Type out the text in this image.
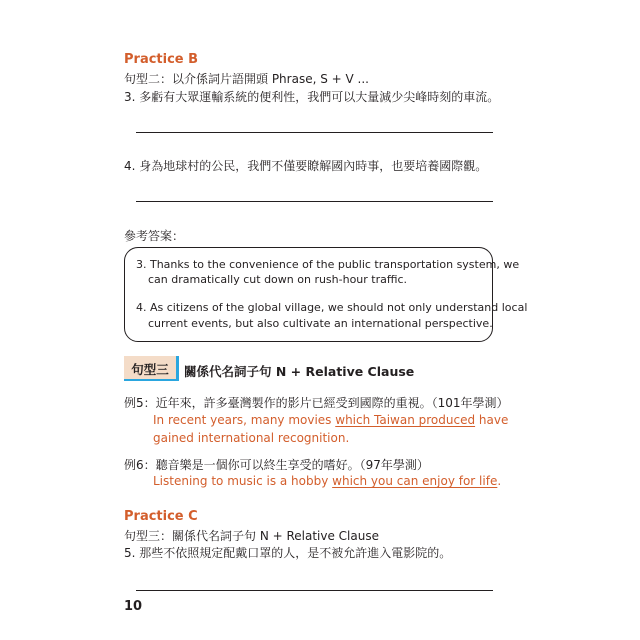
Practice B
句型二：以介係詞片語開頭 Phrase, S + V ...
3. 多虧有大眾運輸系統的便利性，我們可以大量減少尖峰時刻的車流。
4. 身為地球村的公民，我們不僅要瞭解國內時事，也要培養國際觀。
參考答案：
3. Thanks to the convenience of the public transportation system, we
can dramatically cut down on rush-hour traffic.
4. As citizens of the global village, we should not only understand local
current events, but also cultivate an international perspective.
句型三	關係代名詞子句 N + Relative Clause
例5：近年來，許多臺灣製作的影片已經受到國際的重視。（101年學測）
In recent years, many movies which Taiwan produced have
gained international recognition.
例6：聽音樂是一個你可以終生享受的嗜好。（97年學測）
Listening to music is a hobby which you can enjoy for life.
Practice C
句型三：關係代名詞子句 N + Relative Clause
5. 那些不依照規定配戴口罩的人，是不被允許進入電影院的。
10
